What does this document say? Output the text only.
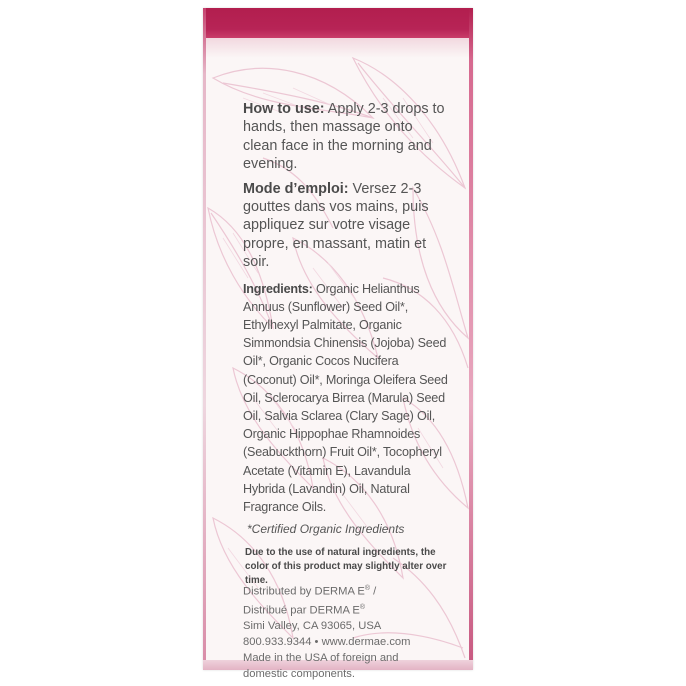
How to use: Apply 2-3 drops to hands, then massage onto clean face in the morning and evening.

Mode d’emploi: Versez 2-3 gouttes dans vos mains, puis appliquez sur votre visage propre, en massant, matin et soir.

Ingredients: Organic Helianthus Annuus (Sunflower) Seed Oil*, Ethylhexyl Palmitate, Organic Simmondsia Chinensis (Jojoba) Seed Oil*, Organic Cocos Nucifera (Coconut) Oil*, Moringa Oleifera Seed Oil, Sclerocarya Birrea (Marula) Seed Oil, Salvia Sclarea (Clary Sage) Oil, Organic Hippophae Rhamnoides (Seabuckthorn) Fruit Oil*, Tocopheryl Acetate (Vitamin E), Lavandula Hybrida (Lavandin) Oil, Natural Fragrance Oils.

*Certified Organic Ingredients

Due to the use of natural ingredients, the color of this product may slightly alter over time.

Distributed by DERMA E® /
Distribué par DERMA E®
Simi Valley, CA 93065, USA
800.933.9344 • www.dermae.com
Made in the USA of foreign and
domestic components.
